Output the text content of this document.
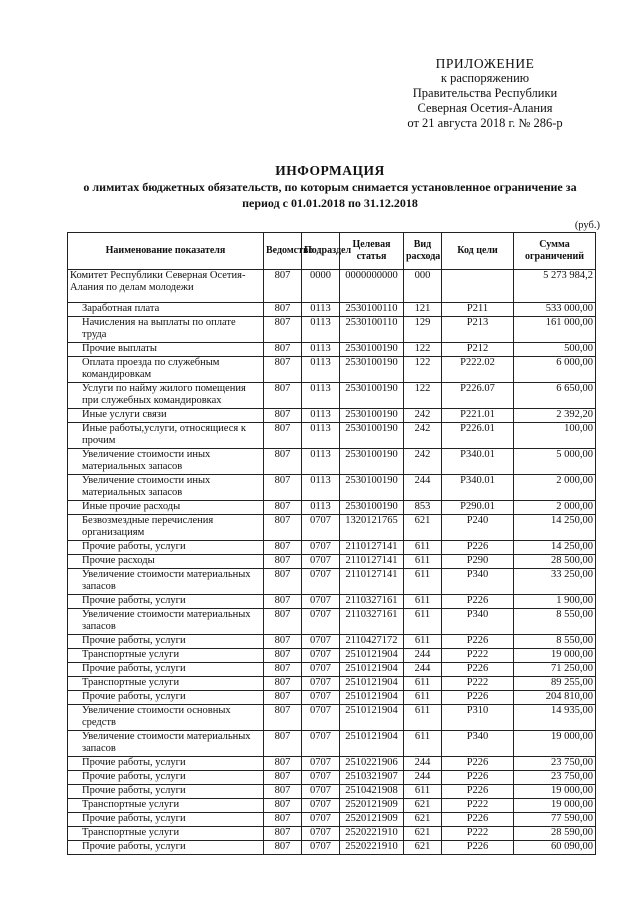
ПРИЛОЖЕНИЕ
к распоряжению
Правительства Республики
Северная Осетия-Алания
от 21 августа 2018 г. № 286-р
ИНФОРМАЦИЯ
о лимитах бюджетных обязательств, по которым снимается установленное ограничение за
период с 01.01.2018 по 31.12.2018
(руб.)
Наименование показателя	Ведомство	Подраздел	Целевая статья	Вид расхода	Код цели	Сумма ограничений
Комитет Республики Северная Осетия-Алания по делам молодежи	807	0000	0000000000	000		5 273 984,2

Заработная плата	807	0113	2530100110	121	Р211	533 000,00

Начисления на выплаты по оплате труда	807	0113	2530100110	129	Р213	161 000,00

Прочие выплаты	807	0113	2530100190	122	Р212	500,00

Оплата проезда по служебным командировкам	807	0113	2530100190	122	Р222.02	6 000,00

Услуги по найму жилого помещения при служебных командировках	807	0113	2530100190	122	Р226.07	6 650,00

Иные услуги связи	807	0113	2530100190	242	Р221.01	2 392,20

Иные работы,услуги, относящиеся к прочим	807	0113	2530100190	242	Р226.01	100,00

Увеличение стоимости иных материальных запасов	807	0113	2530100190	242	Р340.01	5 000,00

Увеличение стоимости иных материальных запасов	807	0113	2530100190	244	Р340.01	2 000,00

Иные прочие расходы	807	0113	2530100190	853	Р290.01	2 000,00

Безвозмездные перечисления организациям	807	0707	1320121765	621	Р240	14 250,00

Прочие работы, услуги	807	0707	2110127141	611	Р226	14 250,00

Прочие расходы	807	0707	2110127141	611	Р290	28 500,00

Увеличение стоимости материальных запасов	807	0707	2110127141	611	Р340	33 250,00

Прочие работы, услуги	807	0707	2110327161	611	Р226	1 900,00

Увеличение стоимости материальных запасов	807	0707	2110327161	611	Р340	8 550,00

Прочие работы, услуги	807	0707	2110427172	611	Р226	8 550,00

Транспортные услуги	807	0707	2510121904	244	Р222	19 000,00

Прочие работы, услуги	807	0707	2510121904	244	Р226	71 250,00

Транспортные услуги	807	0707	2510121904	611	Р222	89 255,00

Прочие работы, услуги	807	0707	2510121904	611	Р226	204 810,00

Увеличение стоимости основных средств	807	0707	2510121904	611	Р310	14 935,00

Увеличение стоимости материальных запасов	807	0707	2510121904	611	Р340	19 000,00

Прочие работы, услуги	807	0707	2510221906	244	Р226	23 750,00

Прочие работы, услуги	807	0707	2510321907	244	Р226	23 750,00

Прочие работы, услуги	807	0707	2510421908	611	Р226	19 000,00

Транспортные услуги	807	0707	2520121909	621	Р222	19 000,00

Прочие работы, услуги	807	0707	2520121909	621	Р226	77 590,00

Транспортные услуги	807	0707	2520221910	621	Р222	28 590,00

Прочие работы, услуги	807	0707	2520221910	621	Р226	60 090,00
